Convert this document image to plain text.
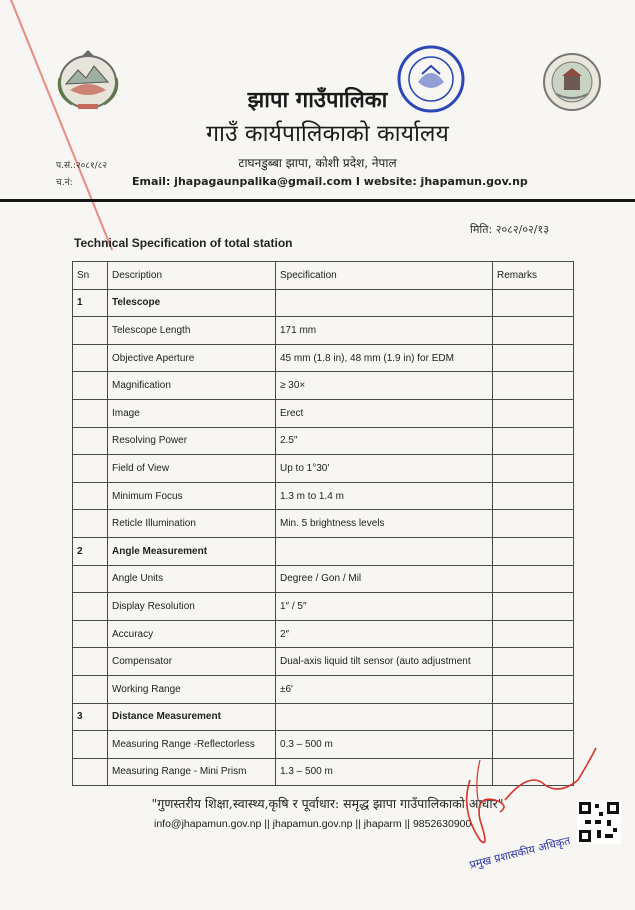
झापा गाउँपालिका
गाउँ कार्यपालिकाको कार्यालय
टाघनडुब्बा झापा, कोशी प्रदेश, नेपाल
प.सं.:२०८१/८२
च.नं:	Email: jhapagaunpalika@gmail.com I website: jhapamun.gov.np
मिति: २०८२/०२/१३
Technical Specification of total station
Sn	Description	Specification	Remarks
1	Telescope		
	Telescope Length	171 mm	
	Objective Aperture	45 mm (1.8 in), 48 mm (1.9 in) for EDM	
	Magnification	≥ 30×	
	Image	Erect	
	Resolving Power	2.5″	
	Field of View	Up to 1°30′	
	Minimum Focus	1.3 m to 1.4 m	
	Reticle Illumination	Min. 5 brightness levels	
2	Angle Measurement		
	Angle Units	Degree / Gon / Mil	
	Display Resolution	1″ / 5″	
	Accuracy	2″	
	Compensator	Dual-axis liquid tilt sensor (auto adjustment	
	Working Range	±6′	
3	Distance Measurement		
	Measuring Range -Reflectorless	0.3 – 500 m	
	Measuring Range - Mini Prism	1.3 – 500 m	
"गुणस्तरीय शिक्षा,स्वास्थ्य,कृषि र पूर्वाधार: समृद्ध झापा गाउँपालिकाको आधार"
info@jhapamun.gov.np || jhapamun.gov.np || jhaparm || 9852630900
प्रमुख प्रशासकीय अधिकृत
